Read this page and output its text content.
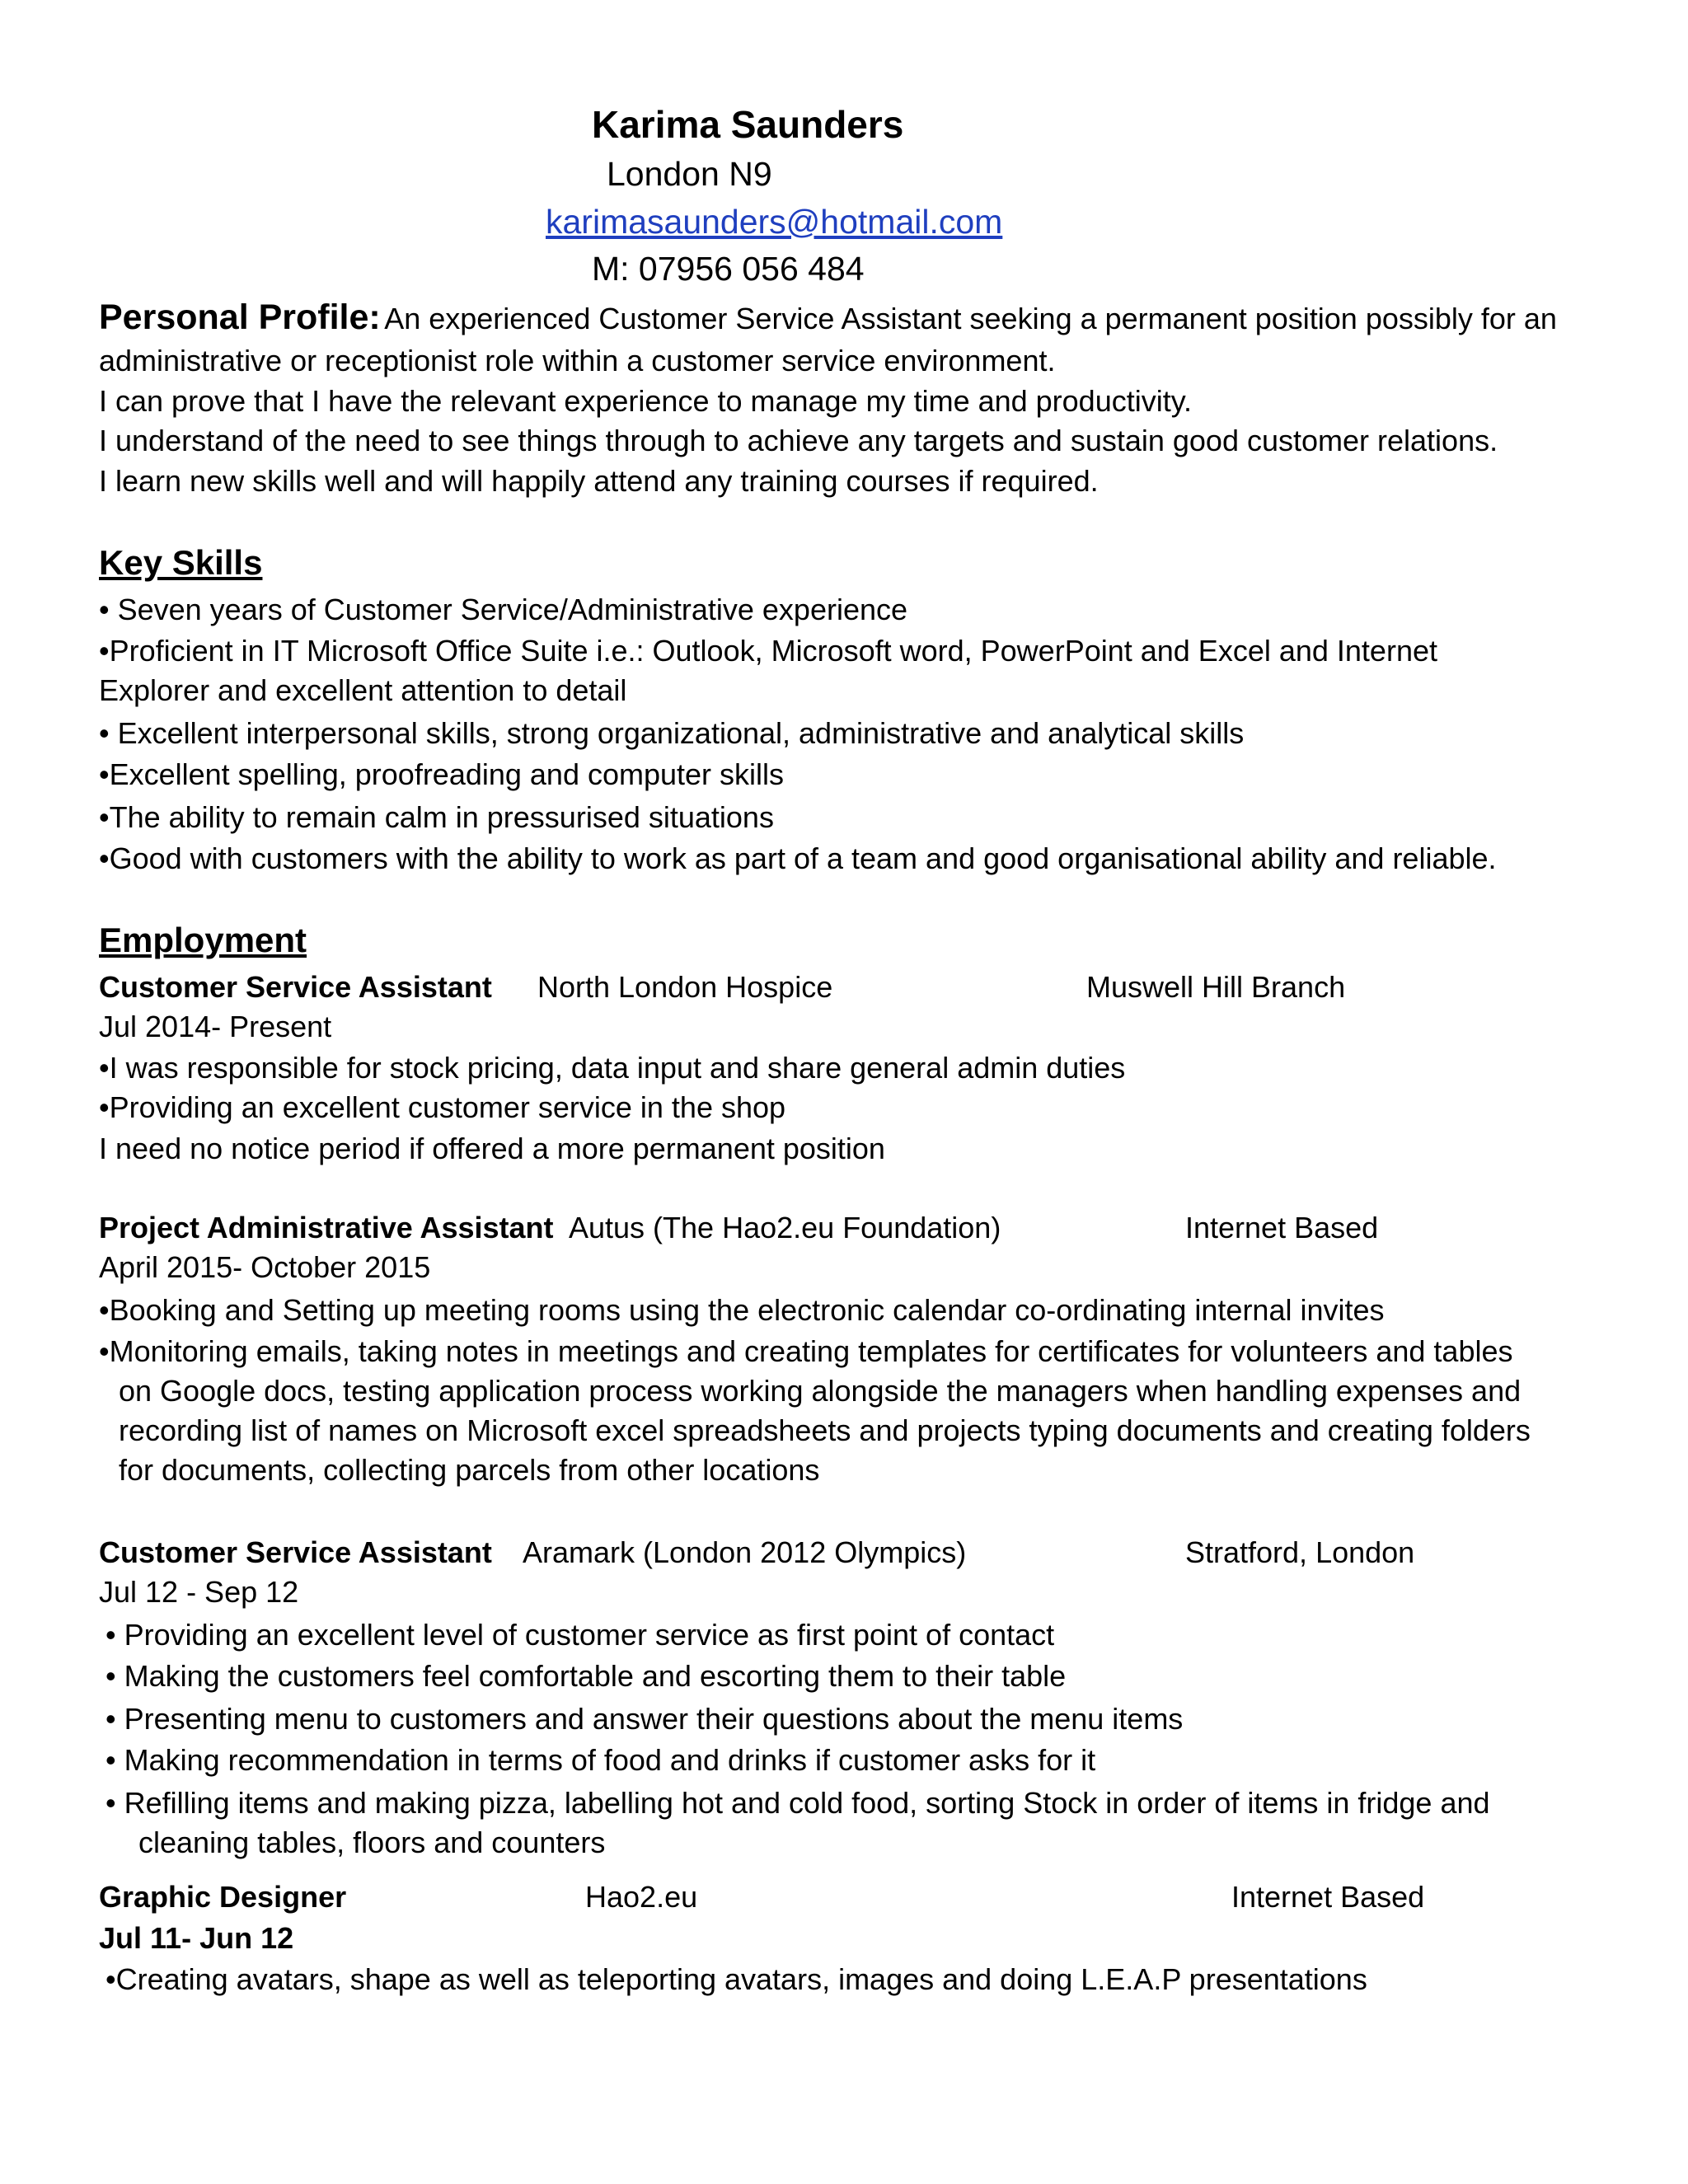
Karima Saunders
London N9
karimasaunders@hotmail.com
M: 07956 056 484
Personal Profile: An experienced Customer Service Assistant seeking a permanent position possibly for an
administrative or receptionist role within a customer service environment.
I can prove that I have the relevant experience to manage my time and productivity.
I understand of the need to see things through to achieve any targets and sustain good customer relations.
I learn new skills well and will happily attend any training courses if required.
Key Skills
• Seven years of Customer Service/Administrative experience
•Proficient in IT Microsoft Office Suite i.e.: Outlook, Microsoft word, PowerPoint and Excel and Internet
Explorer and excellent attention to detail
• Excellent interpersonal skills, strong organizational, administrative and analytical skills
•Excellent spelling, proofreading and computer skills
•The ability to remain calm in pressurised situations
•Good with customers with the ability to work as part of a team and good organisational ability and reliable.
Employment
Customer Service Assistant North London Hospice	Muswell Hill Branch
Jul 2014- Present
•I was responsible for stock pricing, data input and share general admin duties
•Providing an excellent customer service in the shop
I need no notice period if offered a more permanent position
Project Administrative Assistant Autus (The Hao2.eu Foundation)	Internet Based
April 2015- October 2015
•Booking and Setting up meeting rooms using the electronic calendar co-ordinating internal invites
•Monitoring emails, taking notes in meetings and creating templates for certificates for volunteers and tables
on Google docs, testing application process working alongside the managers when handling expenses and
recording list of names on Microsoft excel spreadsheets and projects typing documents and creating folders
for documents, collecting parcels from other locations
Customer Service Assistant Aramark (London 2012 Olympics)	Stratford, London
Jul 12 - Sep 12
• Providing an excellent level of customer service as first point of contact
• Making the customers feel comfortable and escorting them to their table
• Presenting menu to customers and answer their questions about the menu items
• Making recommendation in terms of food and drinks if customer asks for it
• Refilling items and making pizza, labelling hot and cold food, sorting Stock in order of items in fridge and
cleaning tables, floors and counters
Graphic Designer	Hao2.eu	Internet Based
Jul 11- Jun 12
•Creating avatars, shape as well as teleporting avatars, images and doing L.E.A.P presentations
